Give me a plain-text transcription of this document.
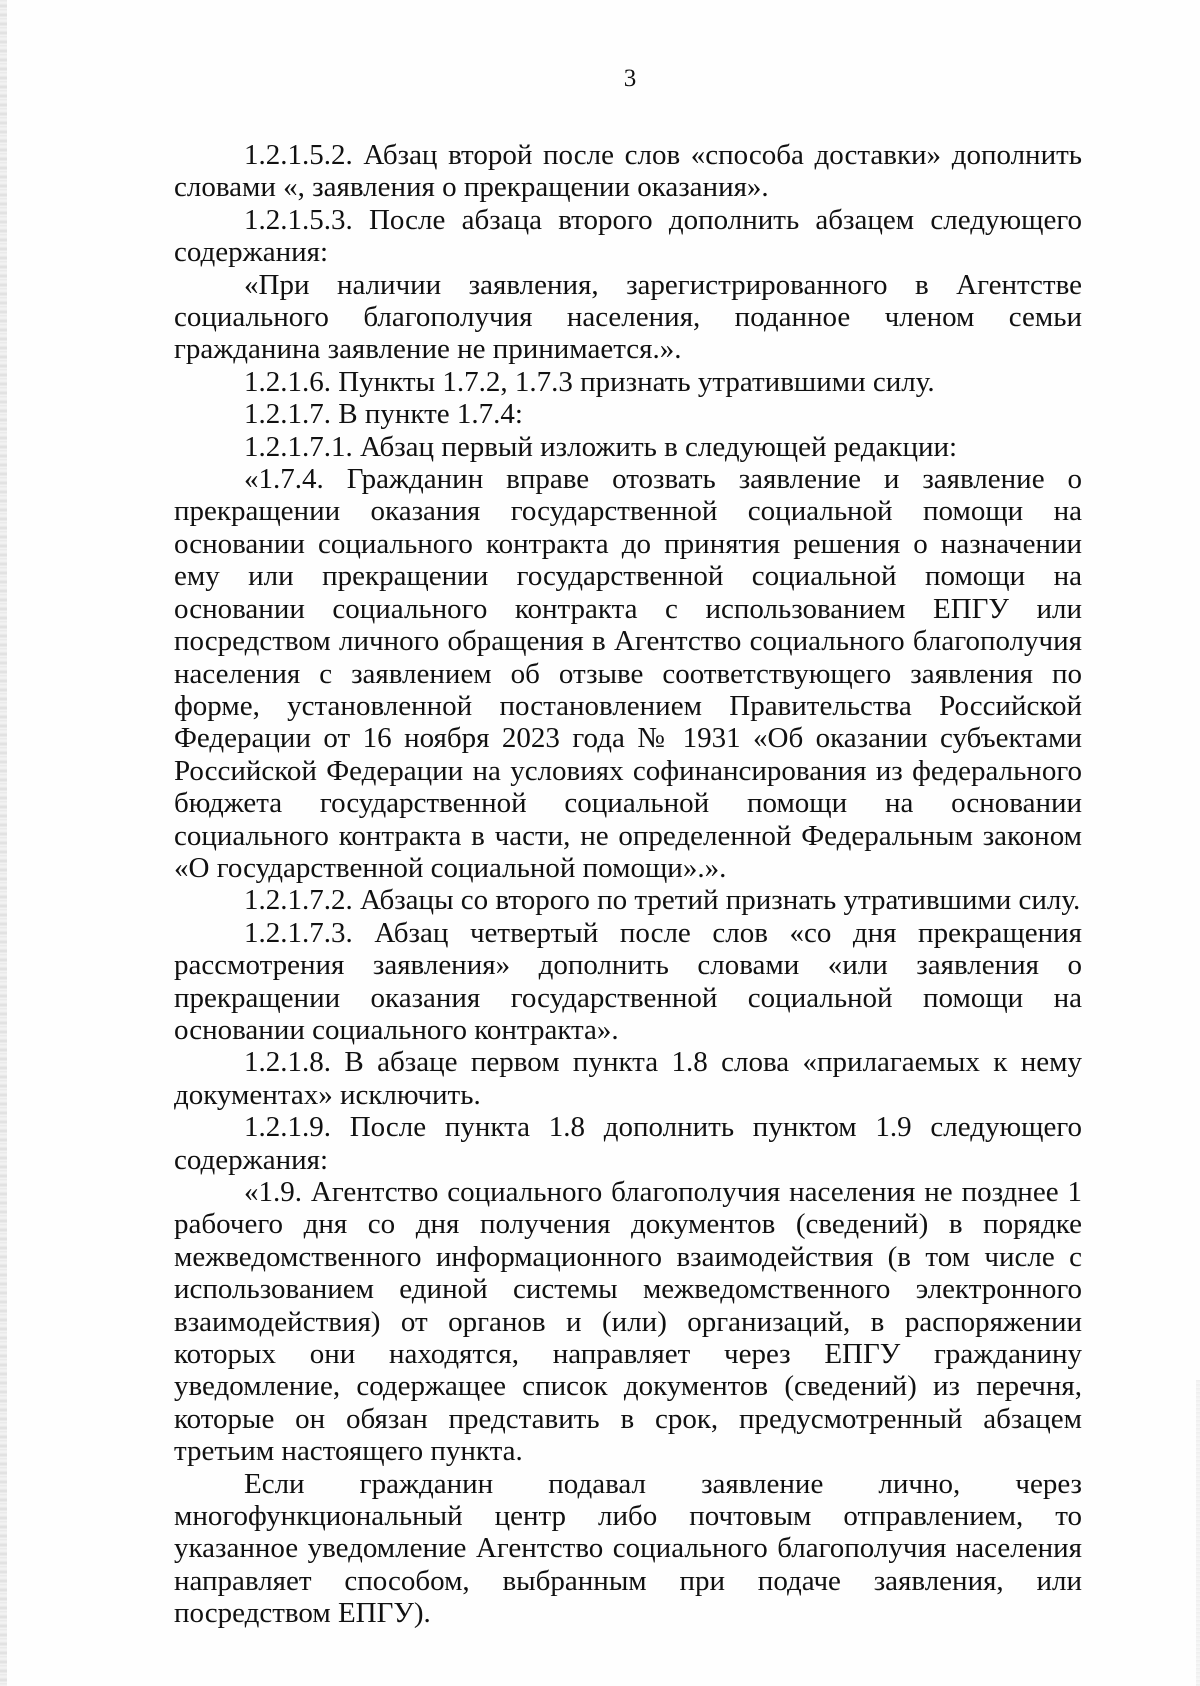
3

1.2.1.5.2. Абзац второй после слов «способа доставки» дополнить словами «, заявления о прекращении оказания».

1.2.1.5.3. После абзаца второго дополнить абзацем следующего содержания:

«При наличии заявления, зарегистрированного в Агентстве социального благополучия населения, поданное членом семьи гражданина заявление не принимается.».

1.2.1.6. Пункты 1.7.2, 1.7.3 признать утратившими силу.

1.2.1.7. В пункте 1.7.4:

1.2.1.7.1. Абзац первый изложить в следующей редакции:

«1.7.4. Гражданин вправе отозвать заявление и заявление о прекращении оказания государственной социальной помощи на основании социального контракта до принятия решения о назначении ему или прекращении государственной социальной помощи на основании социального контракта с использованием ЕПГУ или посредством личного обращения в Агентство социального благополучия населения с заявлением об отзыве соответствующего заявления по форме, установленной постановлением Правительства Российской Федерации от 16 ноября 2023 года № 1931 «Об оказании субъектами Российской Федерации на условиях софинансирования из федерального бюджета государственной социальной помощи на основании социального контракта в части, не определенной Федеральным законом «О государственной социальной помощи».».

1.2.1.7.2. Абзацы со второго по третий признать утратившими силу.

1.2.1.7.3. Абзац четвертый после слов «со дня прекращения рассмотрения заявления» дополнить словами «или заявления о прекращении оказания государственной социальной помощи на основании социального контракта».

1.2.1.8. В абзаце первом пункта 1.8 слова «прилагаемых к нему документах» исключить.

1.2.1.9. После пункта 1.8 дополнить пунктом 1.9 следующего содержания:

«1.9. Агентство социального благополучия населения не позднее 1 рабочего дня со дня получения документов (сведений) в порядке межведомственного информационного взаимодействия (в том числе с использованием единой системы межведомственного электронного взаимодействия) от органов и (или) организаций, в распоряжении которых они находятся, направляет через ЕПГУ гражданину уведомление, содержащее список документов (сведений) из перечня, которые он обязан представить в срок, предусмотренный абзацем третьим настоящего пункта.

Если гражданин подавал заявление лично, через многофункциональный центр либо почтовым отправлением, то указанное уведомление Агентство социального благополучия населения направляет способом, выбранным при подаче заявления, или посредством ЕПГУ).
